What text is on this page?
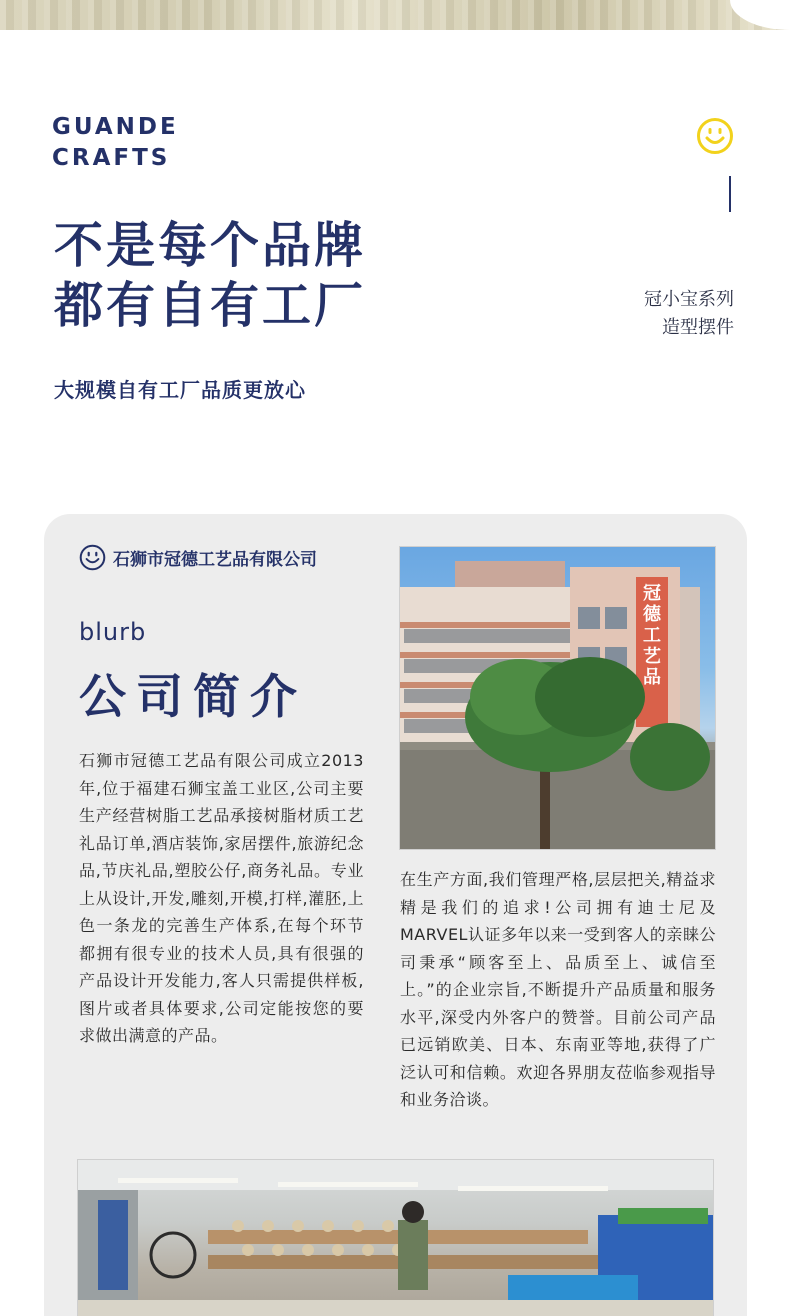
GUANDE
CRAFTS
不是每个品牌
都有自有工厂	冠小宝系列
造型摆件
大规模自有工厂品质更放心
石狮市冠德工艺品有限公司
blurb
公司简介
石狮市冠德工艺品有限公司成立2013年,位于福建石狮宝盖工业区,公司主要生产经营树脂工艺品承接树脂材质工艺礼品订单,酒店装饰,家居摆件,旅游纪念品,节庆礼品,塑胶公仔,商务礼品。专业上从设计,开发,雕刻,开模,打样,灌胚,上色一条龙的完善生产体系,在每个环节都拥有很专业的技术人员,具有很强的产品设计开发能力,客人只需提供样板,图片或者具体要求,公司定能按您的要求做出满意的产品。
在生产方面,我们管理严格,层层把关,精益求精是我们的追求!公司拥有迪士尼及MARVEL认证多年以来一受到客人的亲睐公司秉承“顾客至上、品质至上、诚信至上。”的企业宗旨,不断提升产品质量和服务水平,深受内外客户的赞誉。目前公司产品已远销欧美、日本、东南亚等地,获得了广泛认可和信赖。欢迎各界朋友莅临参观指导和业务洽谈。
冠德工艺品
